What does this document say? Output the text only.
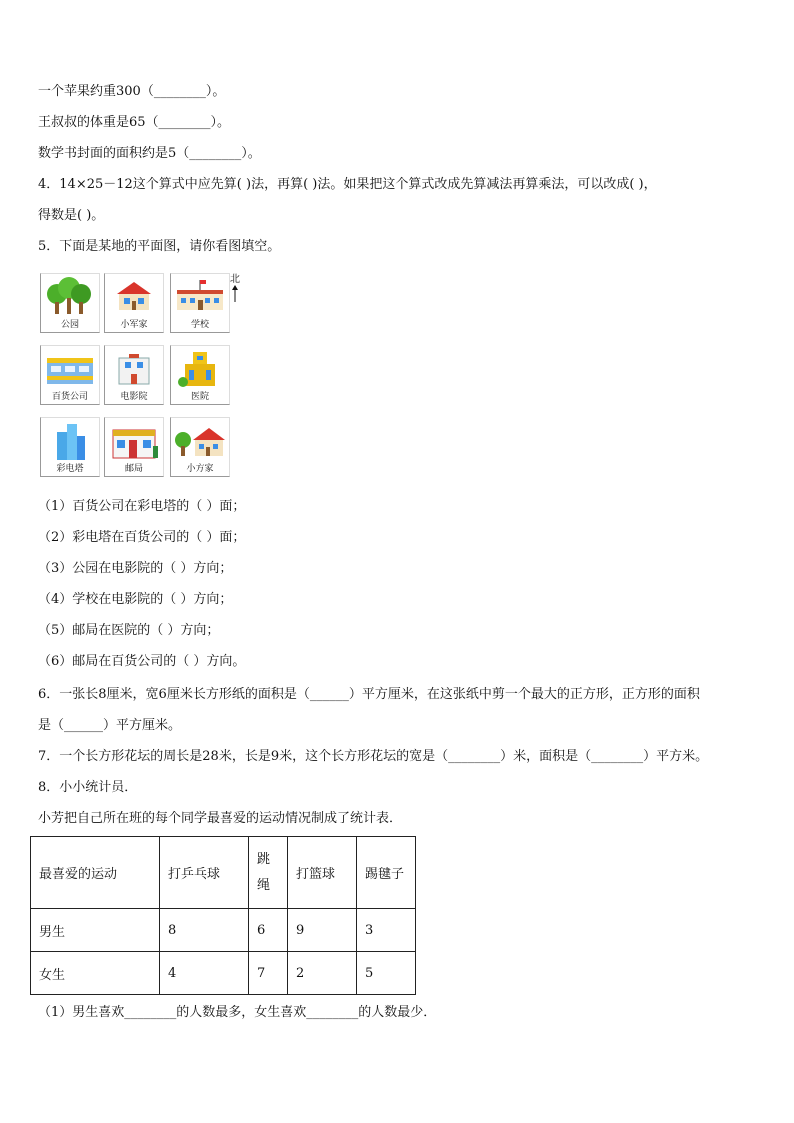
一个苹果约重300（________）。
王叔叔的体重是65（________）。
数学书封面的面积约是5（________）。
4．14×25－12这个算式中应先算( )法，再算( )法。如果把这个算式改成先算减法再算乘法，可以改成( )，
得数是( )。
5．下面是某地的平面图，请你看图填空。
北
公园	小军家	学校
百货公司	电影院	医院
彩电塔	邮局	小方家
（1）百货公司在彩电塔的（ ）面；
（2）彩电塔在百货公司的（ ）面；
（3）公园在电影院的（ ）方向；
（4）学校在电影院的（ ）方向；
（5）邮局在医院的（ ）方向；
（6）邮局在百货公司的（ ）方向。
6．一张长8厘米，宽6厘米长方形纸的面积是（______）平方厘米，在这张纸中剪一个最大的正方形，正方形的面积
是（______）平方厘米。
7．一个长方形花坛的周长是28米，长是9米，这个长方形花坛的宽是（________）米，面积是（________）平方米。
8．小小统计员．
小芳把自己所在班的每个同学最喜爱的运动情况制成了统计表．
最喜爱的运动	打乒乓球	跳绳	打篮球	踢毽子
男生	8	6	9	3
女生	4	7	2	5
（1）男生喜欢________的人数最多，女生喜欢________的人数最少．
